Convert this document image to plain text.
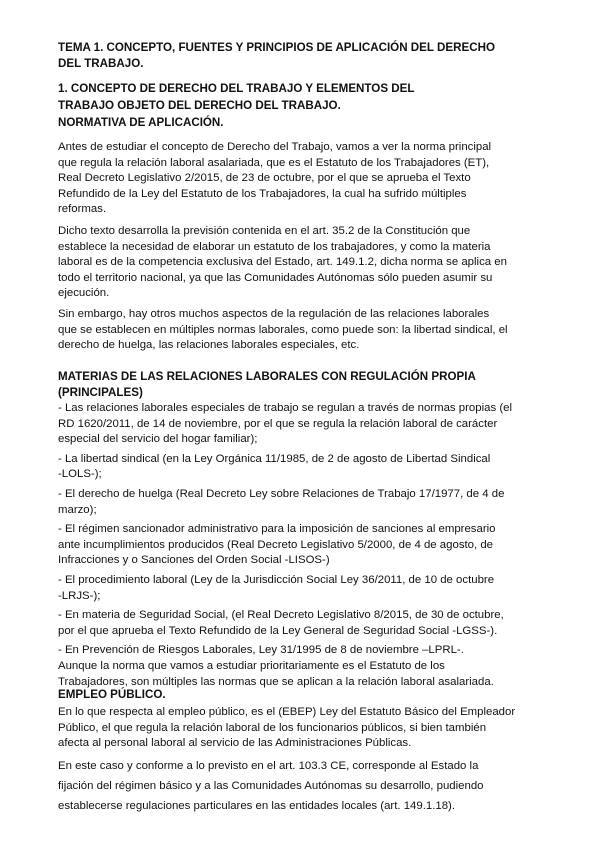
TEMA 1. CONCEPTO, FUENTES Y PRINCIPIOS DE APLICACIÓN DEL DERECHO
DEL TRABAJO.
1. CONCEPTO DE DERECHO DEL TRABAJO Y ELEMENTOS DEL
TRABAJO OBJETO DEL DERECHO DEL TRABAJO.
NORMATIVA DE APLICACIÓN.
Antes de estudiar el concepto de Derecho del Trabajo, vamos a ver la norma principal
que regula la relación laboral asalariada, que es el Estatuto de los Trabajadores (ET),
Real Decreto Legislativo 2/2015, de 23 de octubre, por el que se aprueba el Texto
Refundido de la Ley del Estatuto de los Trabajadores, la cual ha sufrido múltiples
reformas.
Dicho texto desarrolla la previsión contenida en el art. 35.2 de la Constitución que
establece la necesidad de elaborar un estatuto de los trabajadores, y como la materia
laboral es de la competencia exclusiva del Estado, art. 149.1.2, dicha norma se aplica en
todo el territorio nacional, ya que las Comunidades Autónomas sólo pueden asumir su
ejecución.
Sin embargo, hay otros muchos aspectos de la regulación de las relaciones laborales
que se establecen en múltiples normas laborales, como puede son: la libertad sindical, el
derecho de huelga, las relaciones laborales especiales, etc.
MATERIAS DE LAS RELACIONES LABORALES CON REGULACIÓN PROPIA
(PRINCIPALES)
- Las relaciones laborales especiales de trabajo se regulan a través de normas propias (el
RD 1620/2011, de 14 de noviembre, por el que se regula la relación laboral de carácter
especial del servicio del hogar familiar);
- La libertad sindical (en la Ley Orgánica 11/1985, de 2 de agosto de Libertad Sindical
-LOLS-);
- El derecho de huelga (Real Decreto Ley sobre Relaciones de Trabajo 17/1977, de 4 de
marzo);
- El régimen sancionador administrativo para la imposición de sanciones al empresario
ante incumplimientos producidos (Real Decreto Legislativo 5/2000, de 4 de agosto, de
Infracciones y o Sanciones del Orden Social -LISOS-)
- El procedimiento laboral (Ley de la Jurisdicción Social Ley 36/2011, de 10 de octubre
-LRJS-);
- En materia de Seguridad Social, (el Real Decreto Legislativo 8/2015, de 30 de octubre,
por el que aprueba el Texto Refundido de la Ley General de Seguridad Social -LGSS-).
- En Prevención de Riesgos Laborales, Ley 31/1995 de 8 de noviembre –LPRL-.
Aunque la norma que vamos a estudiar prioritariamente es el Estatuto de los
Trabajadores, son múltiples las normas que se aplican a la relación laboral asalariada.
EMPLEO PÚBLICO.
En lo que respecta al empleo público, es el (EBEP) Ley del Estatuto Básico del Empleador
Público, el que regula la relación laboral de los funcionarios públicos, si bien también
afecta al personal laboral al servicio de las Administraciones Públicas.
En este caso y conforme a lo previsto en el art. 103.3 CE, corresponde al Estado la
fijación del régimen básico y a las Comunidades Autónomas su desarrollo, pudiendo
establecerse regulaciones particulares en las entidades locales (art. 149.1.18).
